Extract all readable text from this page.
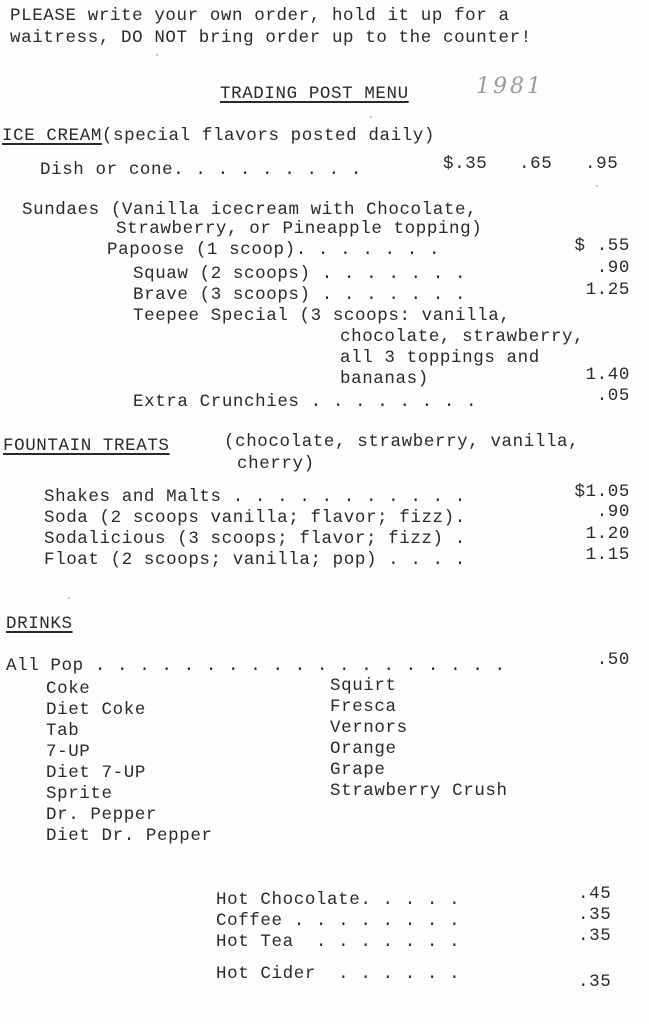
PLEASE write your own order, hold it up for a
waitress, DO NOT bring order up to the counter!
TRADING POST MENU	1981
ICE CREAM(special flavors posted daily)
Dish or cone. . . . . . . . .	$.35 .65 .95
Sundaes (Vanilla icecream with Chocolate,
Strawberry, or Pineapple topping)
Papoose (1 scoop). . . . . . .	$ .55
Squaw (2 scoops) . . . . . . .	.90
Brave (3 scoops) . . . . . . .	1.25
Teepee Special (3 scoops: vanilla,
chocolate, strawberry,
all 3 toppings and
bananas)	1.40
Extra Crunchies . . . . . . . .	.05
FOUNTAIN TREATS	(chocolate, strawberry, vanilla,
cherry)
Shakes and Malts . . . . . . . . . . .	$1.05
Soda (2 scoops vanilla; flavor; fizz).	.90
Sodalicious (3 scoops; flavor; fizz) .	1.20
Float (2 scoops; vanilla; pop) . . . .	1.15
DRINKS
All Pop . . . . . . . . . . . . . . . . . . .	.50
Coke
Diet Coke
Tab
7-UP
Diet 7-UP
Sprite
Dr. Pepper
Diet Dr. Pepper
Squirt
Fresca
Vernors
Orange
Grape
Strawberry Crush
Hot Chocolate. . . . .	.45
Coffee . . . . . . . .	.35
Hot Tea  . . . . . . .	.35
Hot Cider  . . . . . .	.35
